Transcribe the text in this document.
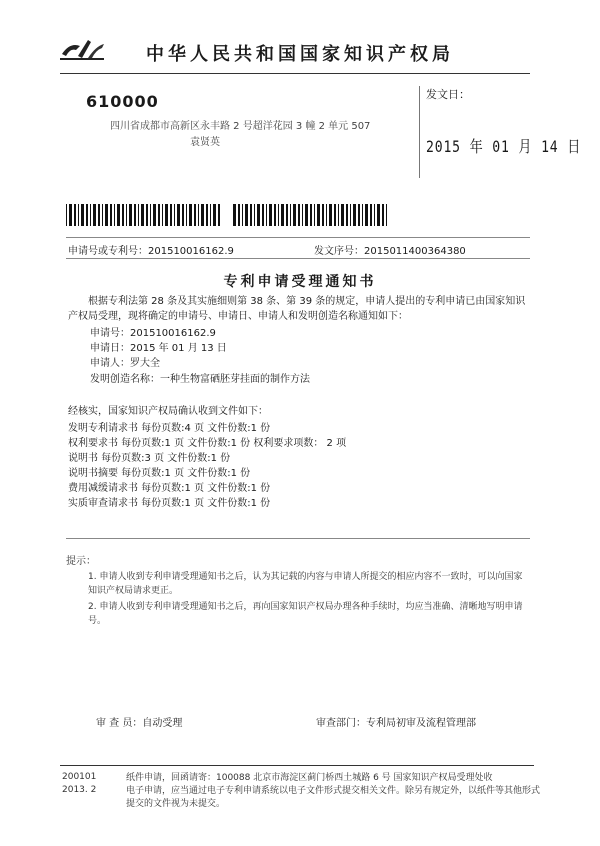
中华人民共和国国家知识产权局
610000
四川省成都市高新区永丰路 2 号超洋花园 3 幢 2 单元 507
袁贤英
发文日：
2015 年 01 月 14 日
申请号或专利号：201510016162.9	发文序号：2015011400364380
专利申请受理通知书
根据专利法第 28 条及其实施细则第 38 条、第 39 条的规定，申请人提出的专利申请已由国家知识产权局受理，现将确定的申请号、申请日、申请人和发明创造名称通知如下：
申请号：201510016162.9
申请日：2015 年 01 月 13 日
申请人：罗大全
发明创造名称：一种生物富硒胚芽挂面的制作方法
经核实，国家知识产权局确认收到文件如下：
发明专利请求书 每份页数:4 页 文件份数:1 份
权利要求书 每份页数:1 页 文件份数:1 份 权利要求项数： 2 项
说明书 每份页数:3 页 文件份数:1 份
说明书摘要 每份页数:1 页 文件份数:1 份
费用减缓请求书 每份页数:1 页 文件份数:1 份
实质审查请求书 每份页数:1 页 文件份数:1 份
提示：
1. 申请人收到专利申请受理通知书之后，认为其记载的内容与申请人所提交的相应内容不一致时，可以向国家知识产权局请求更正。
2. 申请人收到专利申请受理通知书之后，再向国家知识产权局办理各种手续时，均应当准确、清晰地写明申请号。
审 查 员：自动受理	审查部门：专利局初审及流程管理部
200101
2013. 2
纸件申请，回函请寄：100088 北京市海淀区蓟门桥西土城路 6 号 国家知识产权局受理处收
电子申请，应当通过电子专利申请系统以电子文件形式提交相关文件。除另有规定外，以纸件等其他形式提交的文件视为未提交。
